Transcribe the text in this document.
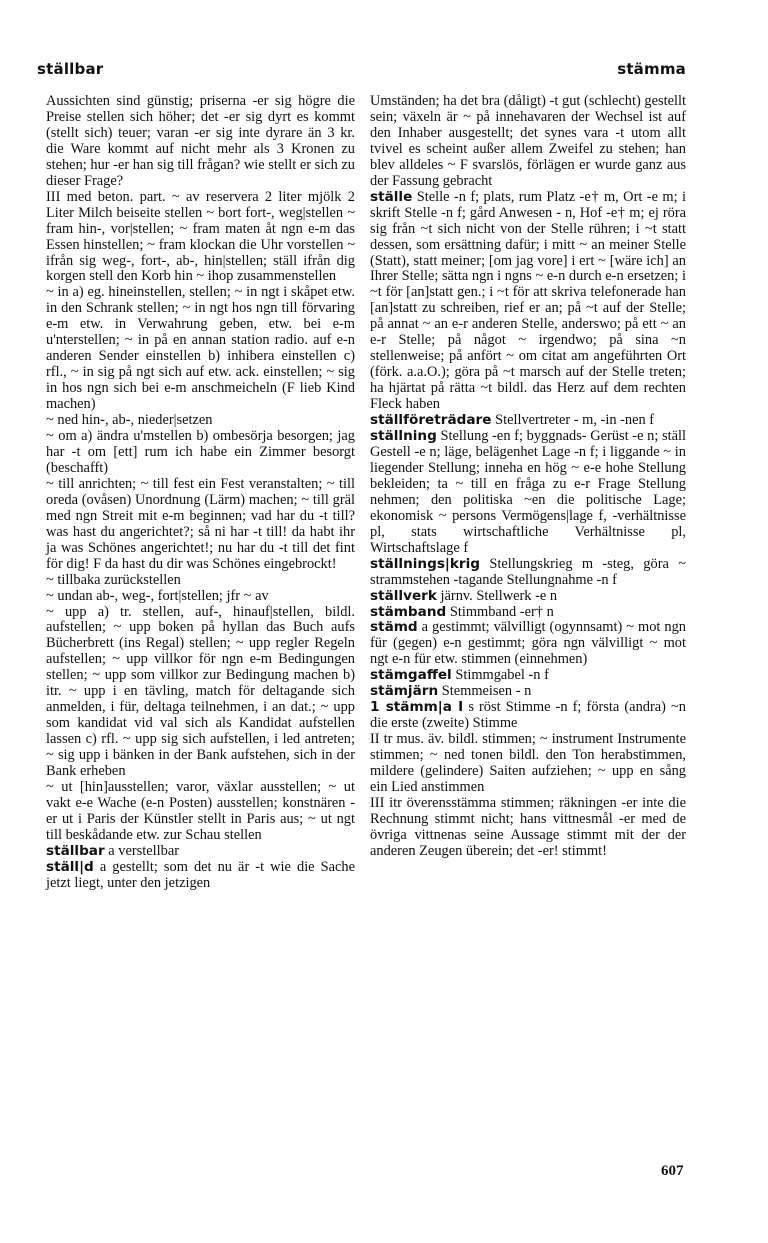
ställbar	stämma

Aussichten sind günstig; priserna -er sig högre die Preise stellen sich höher; det -er sig dyrt es kommt (stellt sich) teuer; varan -er sig inte dyrare än 3 kr. die Ware kommt auf nicht mehr als 3 Kronen zu stehen; hur -er han sig till frågan? wie stellt er sich zu dieser Frage?

III med beton. part. ~ av reservera 2 liter mjölk 2 Liter Milch beiseite stellen ~ bort fort-, weg|stellen ~ fram hin-, vor|stellen; ~ fram maten åt ngn e-m das Essen hinstellen; ~ fram klockan die Uhr vorstellen ~ ifrån sig weg-, fort-, ab-, hin|stellen; ställ ifrån dig korgen stell den Korb hin ~ ihop zusammenstellen

~ in a) eg. hineinstellen, stellen; ~ in ngt i skåpet etw. in den Schrank stellen; ~ in ngt hos ngn till förvaring e-m etw. in Verwahrung geben, etw. bei e-m u'nterstellen; ~ in på en annan station radio. auf e-n anderen Sender einstellen b) inhibera einstellen c) rfl., ~ in sig på ngt sich auf etw. ack. einstellen; ~ sig in hos ngn sich bei e-m anschmeicheln (F lieb Kind machen)

~ ned hin-, ab-, nieder|setzen

~ om a) ändra u'mstellen b) ombesörja besorgen; jag har -t om [ett] rum ich habe ein Zimmer besorgt (beschafft)

~ till anrichten; ~ till fest ein Fest veranstalten; ~ till oreda (ovåsen) Unordnung (Lärm) machen; ~ till gräl med ngn Streit mit e-m beginnen; vad har du -t till? was hast du angerichtet?; så ni har -t till! da habt ihr ja was Schönes angerichtet!; nu har du -t till det fint för dig! F da hast du dir was Schönes eingebrockt!

~ tillbaka zurückstellen

~ undan ab-, weg-, fort|stellen; jfr ~ av

~ upp a) tr. stellen, auf-, hinauf|stellen, bildl. aufstellen; ~ upp boken på hyllan das Buch aufs Bücherbrett (ins Regal) stellen; ~ upp regler Regeln aufstellen; ~ upp villkor för ngn e-m Bedingungen stellen; ~ upp som villkor zur Bedingung machen b) itr. ~ upp i en tävling, match för deltagande sich anmelden, i für, deltaga teilnehmen, i an dat.; ~ upp som kandidat vid val sich als Kandidat aufstellen lassen c) rfl. ~ upp sig sich aufstellen, i led antreten; ~ sig upp i bänken in der Bank aufstehen, sich in der Bank erheben

~ ut [hin]ausstellen; varor, växlar ausstellen; ~ ut vakt e-e Wache (e-n Posten) ausstellen; konstnären -er ut i Paris der Künstler stellt in Paris aus; ~ ut ngt till beskådande etw. zur Schau stellen

ställbar a verstellbar

ställ|d a gestellt; som det nu är -t wie die Sache jetzt liegt, unter den jetzigen

Umständen; ha det bra (dåligt) -t gut (schlecht) gestellt sein; växeln är ~ på innehavaren der Wechsel ist auf den Inhaber ausgestellt; det synes vara -t utom allt tvivel es scheint außer allem Zweifel zu stehen; han blev alldeles ~ F svarslös, förlägen er wurde ganz aus der Fassung gebracht

ställe Stelle -n f; plats, rum Platz -e† m, Ort -e m; i skrift Stelle -n f; gård Anwesen - n, Hof -e† m; ej röra sig från ~t sich nicht von der Stelle rühren; i ~t statt dessen, som ersättning dafür; i mitt ~ an meiner Stelle (Statt), statt meiner; [om jag vore] i ert ~ [wäre ich] an Ihrer Stelle; sätta ngn i ngns ~ e-n durch e-n ersetzen; i ~t för [an]statt gen.; i ~t för att skriva telefonerade han [an]statt zu schreiben, rief er an; på ~t auf der Stelle; på annat ~ an e-r anderen Stelle, anderswo; på ett ~ an e-r Stelle; på något ~ irgendwo; på sina ~n stellenweise; på anfört ~ om citat am angeführten Ort (förk. a.a.O.); göra på ~t marsch auf der Stelle treten; ha hjärtat på rätta ~t bildl. das Herz auf dem rechten Fleck haben

ställföreträdare Stellvertreter - m, -in -nen f

ställning Stellung -en f; byggnads- Gerüst -e n; ställ Gestell -e n; läge, belägenhet Lage -n f; i liggande ~ in liegender Stellung; inneha en hög ~ e-e hohe Stellung bekleiden; ta ~ till en fråga zu e-r Frage Stellung nehmen; den politiska ~en die politische Lage; ekonomisk ~ persons Vermögens|lage f, -verhältnisse pl, stats wirtschaftliche Verhältnisse pl, Wirtschaftslage f

ställnings|krig Stellungskrieg m -steg, göra ~ strammstehen -tagande Stellungnahme -n f

ställverk järnv. Stellwerk -e n

stämband Stimmband -er† n

stämd a gestimmt; välvilligt (ogynnsamt) ~ mot ngn für (gegen) e-n gestimmt; göra ngn välvilligt ~ mot ngt e-n für etw. stimmen (einnehmen)

stämgaffel Stimmgabel -n f

stämjärn Stemmeisen - n

1 stämm|a I s röst Stimme -n f; första (andra) ~n die erste (zweite) Stimme

II tr mus. äv. bildl. stimmen; ~ instrument Instrumente stimmen; ~ ned tonen bildl. den Ton herabstimmen, mildere (gelindere) Saiten aufziehen; ~ upp en sång ein Lied anstimmen

III itr överensstämma stimmen; räkningen -er inte die Rechnung stimmt nicht; hans vittnesmål -er med de övriga vittnenas seine Aussage stimmt mit der der anderen Zeugen überein; det -er! stimmt!

607
